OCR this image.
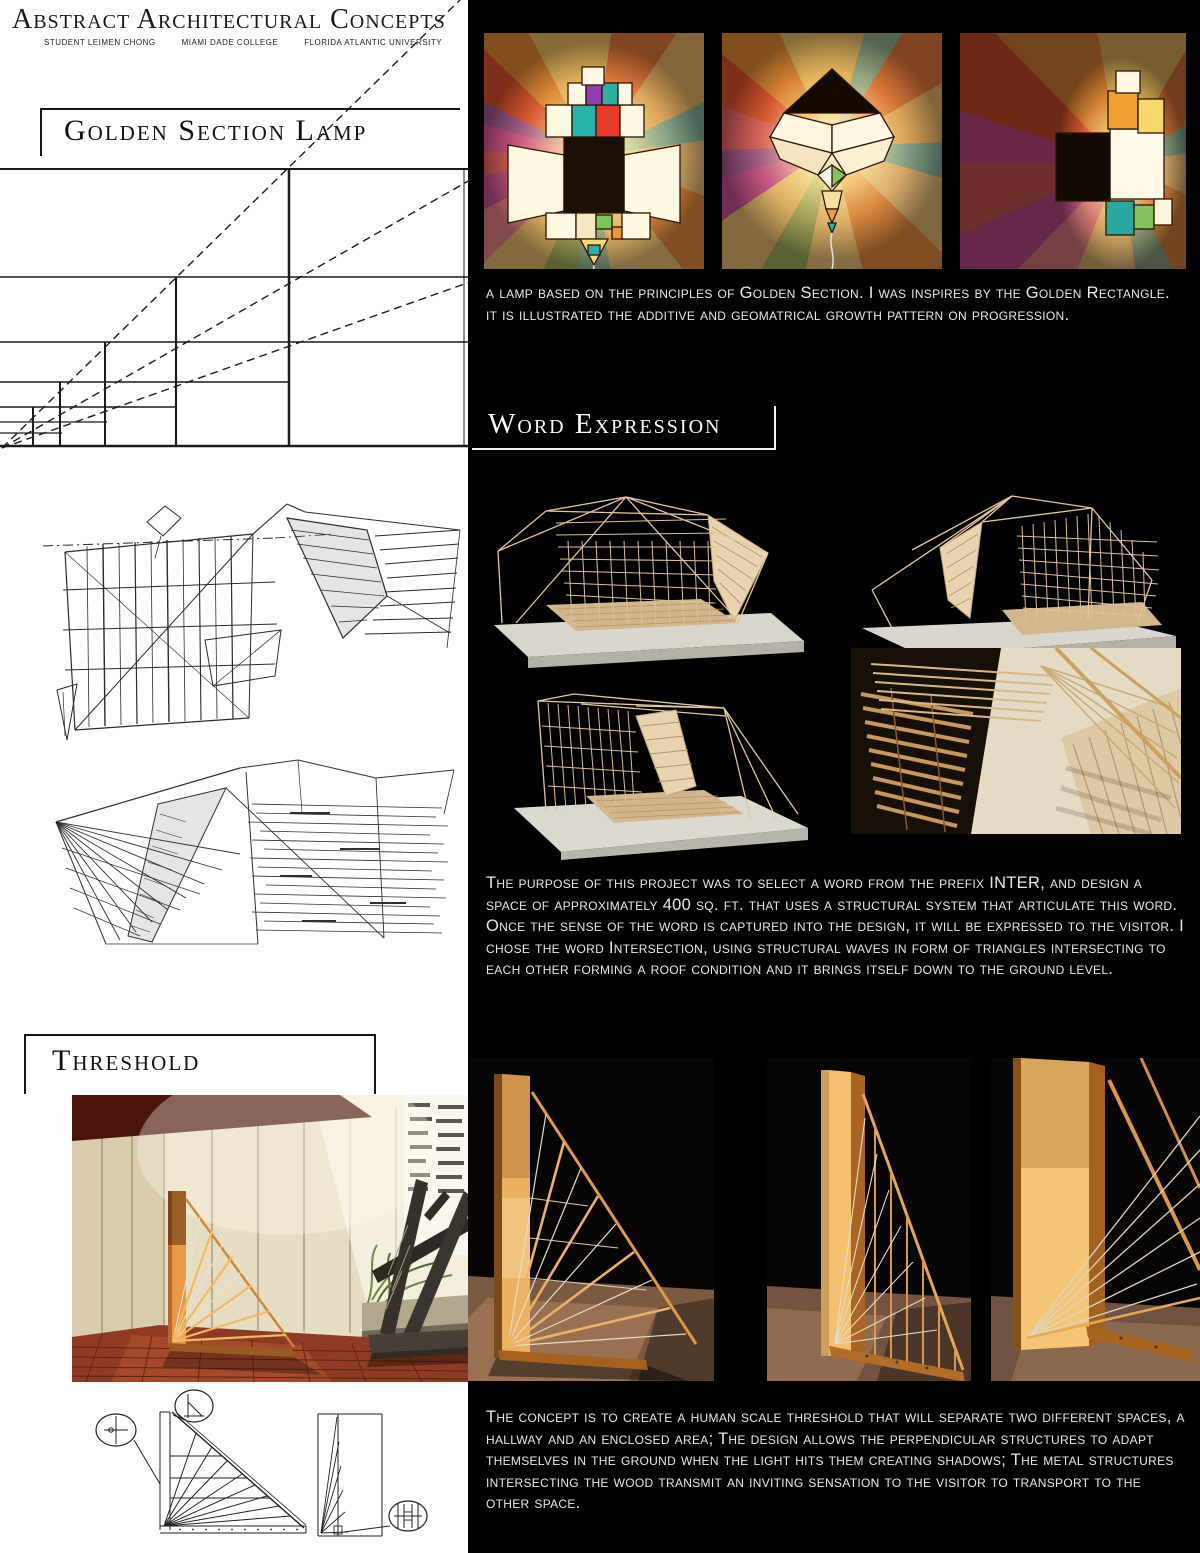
Abstract Architectural Concepts
STUDENT LEIMEN CHONG	MIAMI DADE COLLEGE	FLORIDA ATLANTIC UNIVERSITY
Golden Section Lamp
a lamp based on the principles of Golden Section. I was inspires by the Golden Rectangle. it is illustrated the additive and geomatrical growth pattern on progression.
Word Expression
The purpose of this project was to select a word from the prefix INTER, and design a space of approximately 400 sq. ft. that uses a structural system that articulate this word. Once the sense of the word is captured into the design, it will be expressed to the visitor. I chose the word Intersection, using structural waves in form of triangles intersecting to each other forming a roof condition and it brings itself down to the ground level.
Threshold
The concept is to create a human scale threshold that will separate two different spaces, a hallway and an enclosed area; The design allows the perpendicular structures to adapt themselves in the ground when the light hits them creating shadows; The metal structures intersecting the wood transmit an inviting sensation to the visitor to transport to the other space.
